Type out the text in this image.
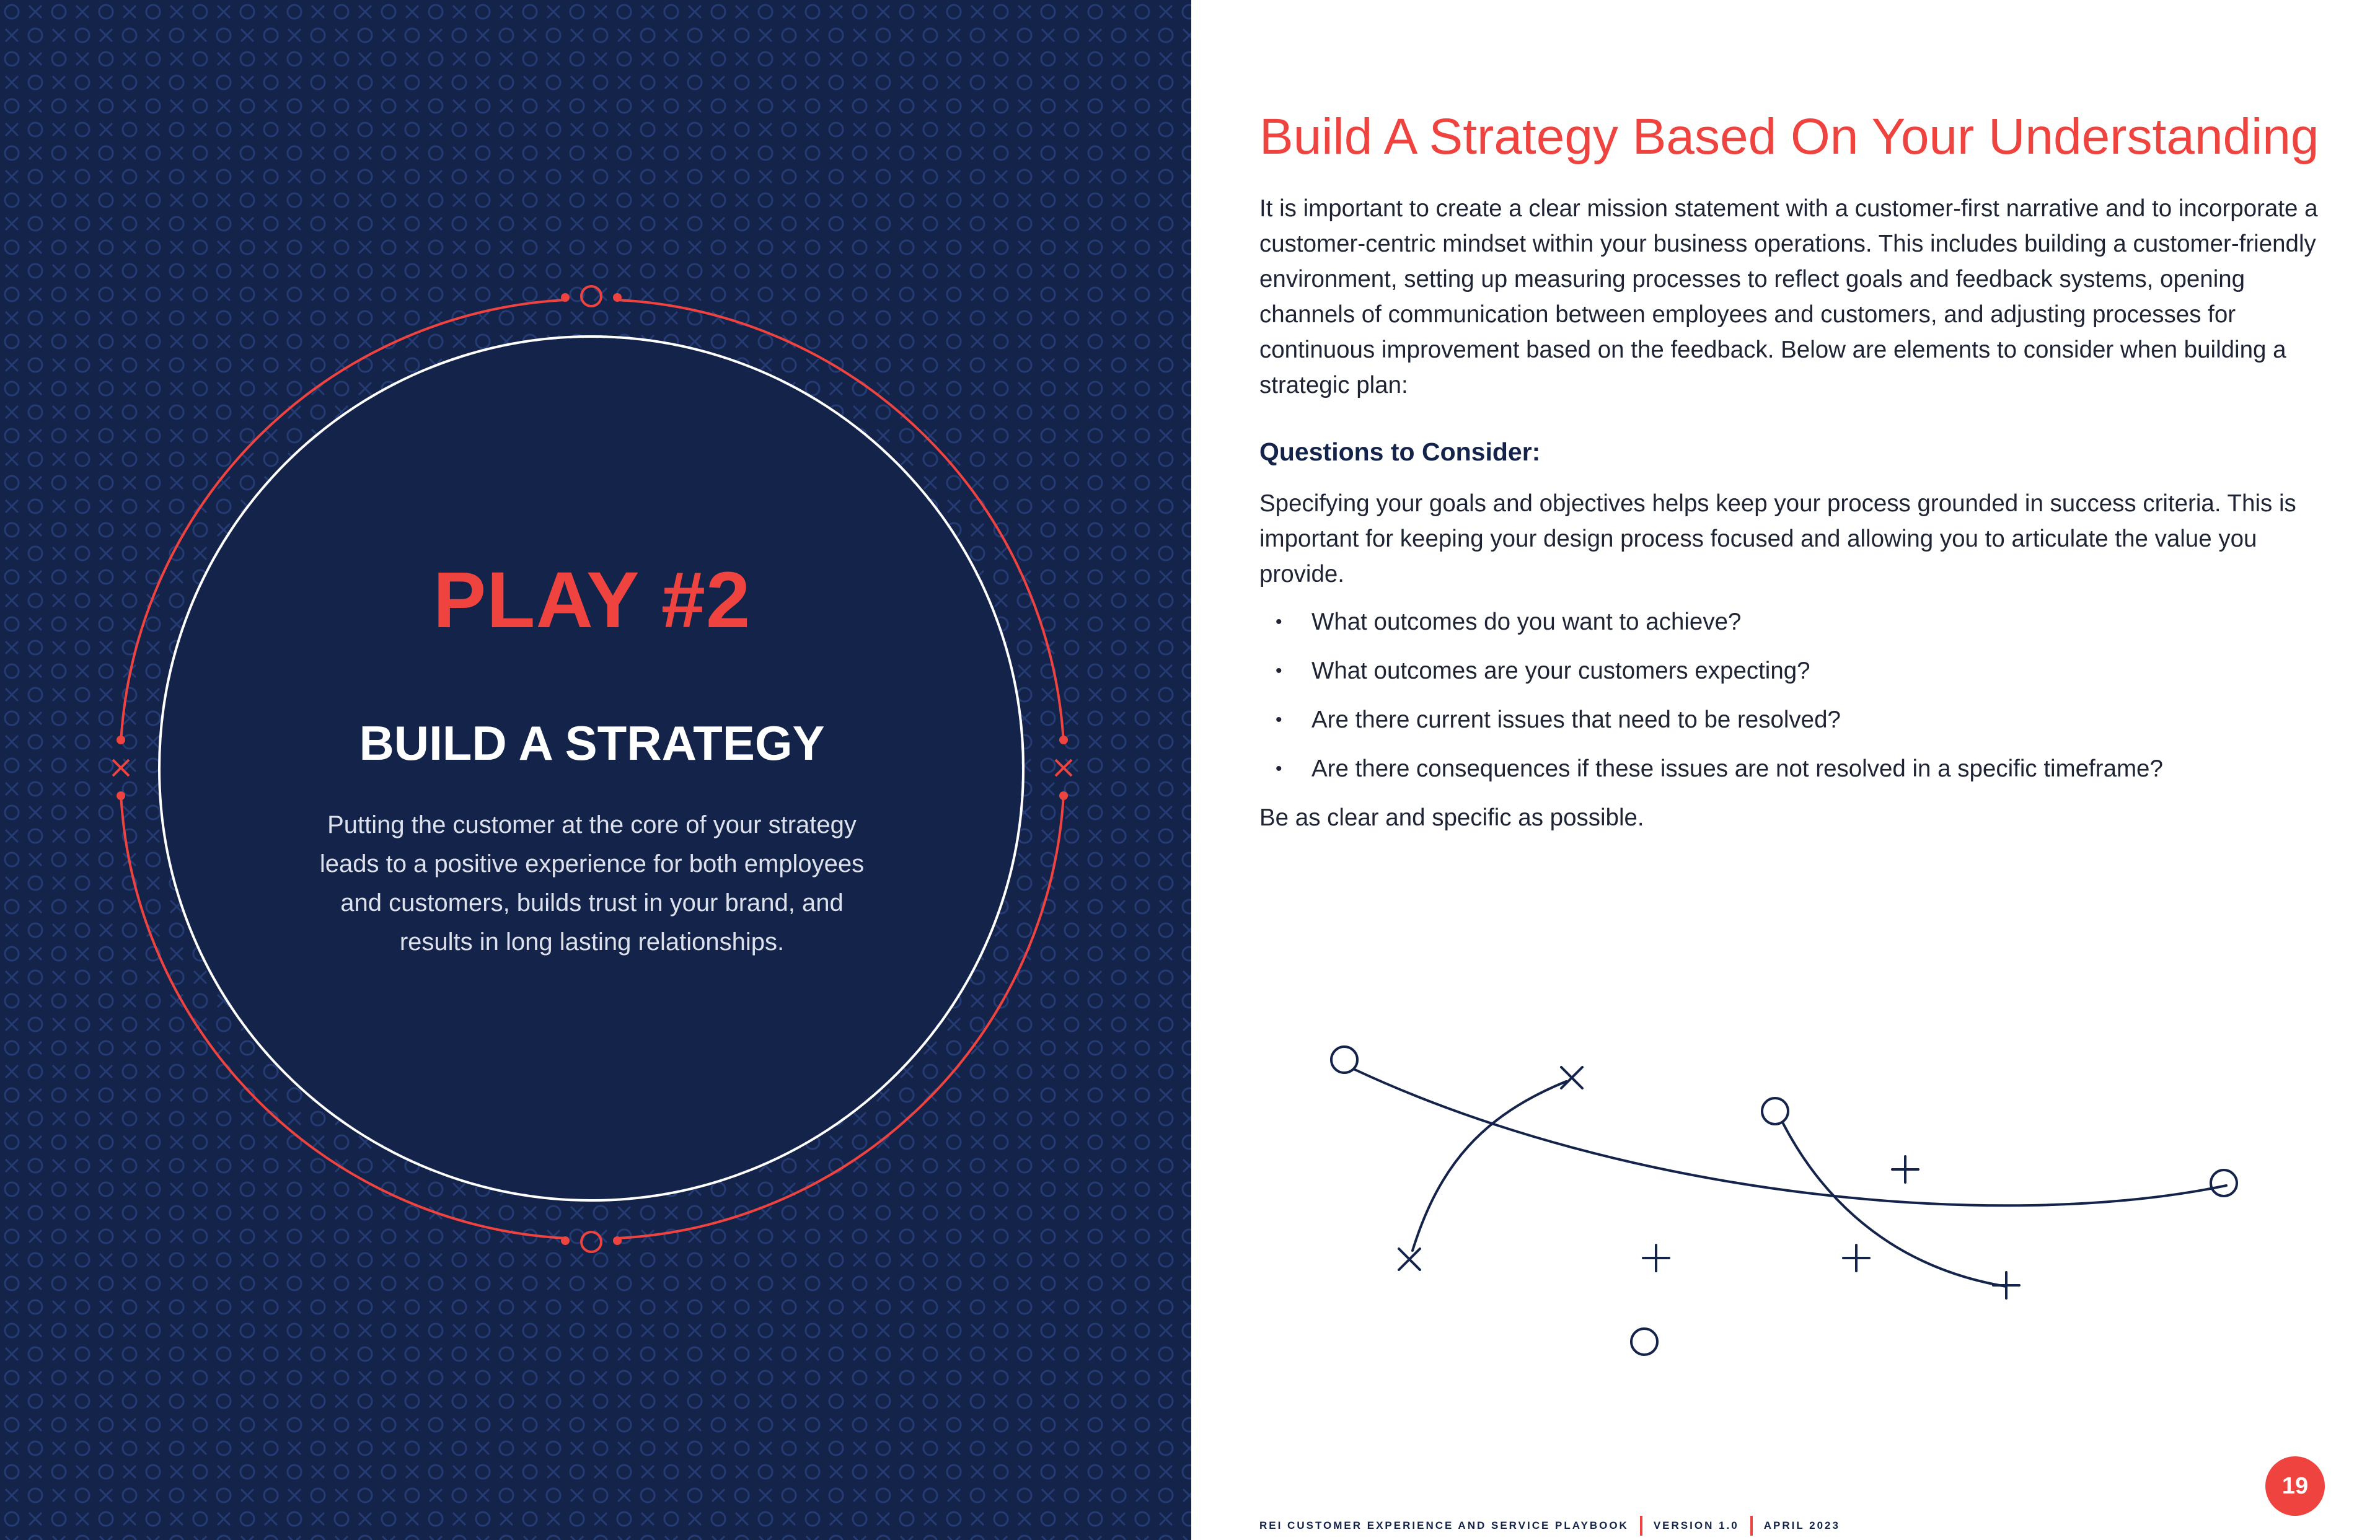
PLAY #2
BUILD A STRATEGY
Putting the customer at the core of your strategy leads to a positive experience for both employees and customers, builds trust in your brand, and results in long lasting relationships.
Build A Strategy Based On Your Understanding

It is important to create a clear mission statement with a customer-first narrative and to incorporate a customer-centric mindset within your business operations. This includes building a customer-friendly environment, setting up measuring processes to reflect goals and feedback systems, opening channels of communication between employees and customers, and adjusting processes for continuous improvement based on the feedback. Below are elements to consider when building a strategic plan:

Questions to Consider:

Specifying your goals and objectives helps keep your process grounded in success criteria. This is important for keeping your design process focused and allowing you to articulate the value you provide.

• What outcomes do you want to achieve?
• What outcomes are your customers expecting?
• Are there current issues that need to be resolved?
• Are there consequences if these issues are not resolved in a specific timeframe?

Be as clear and specific as possible.

REI CUSTOMER EXPERIENCE AND SERVICE PLAYBOOK VERSION 1.0 APRIL 2023
19
